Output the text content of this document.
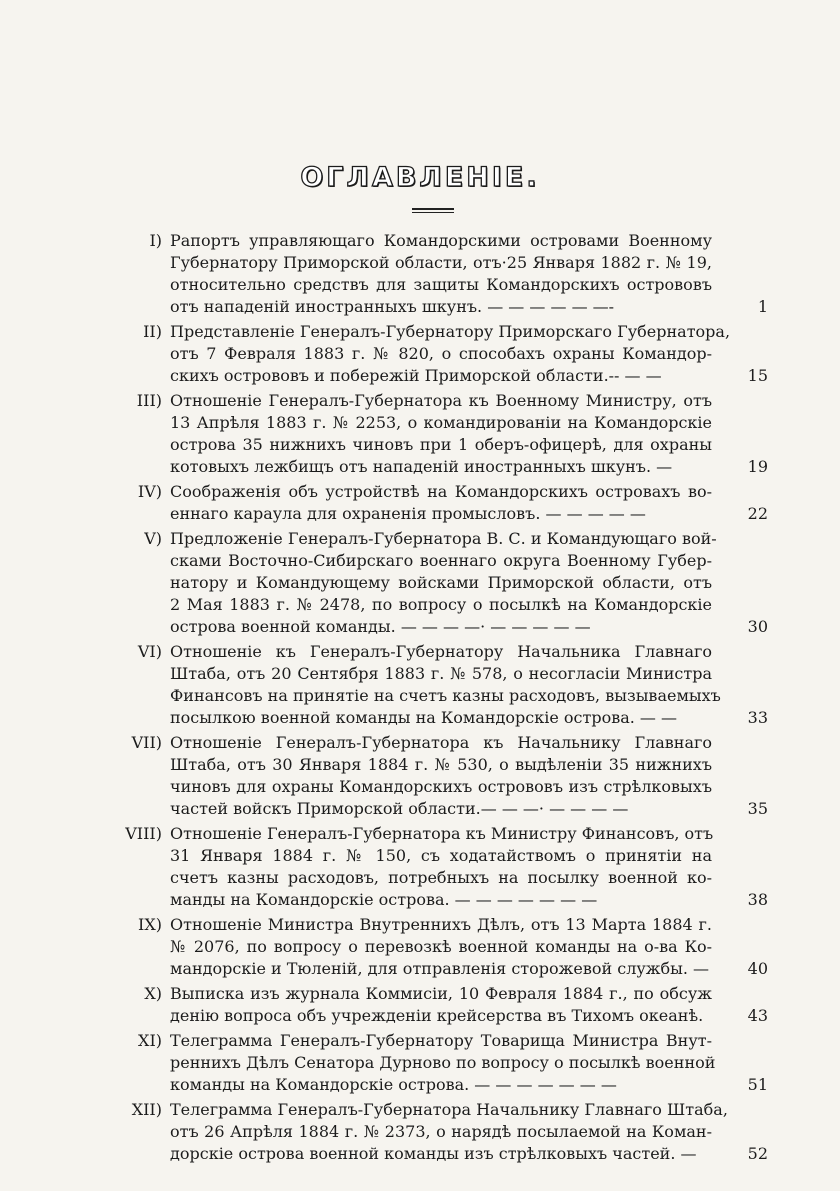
ОГЛАВЛЕНІЕ.
I) Рапортъ управляющаго Командорскими островами Военному
Губернатору Приморской области, отъ·25 Января 1882 г. № 19,
относительно средствъ для защиты Командорскихъ острововъ
отъ нападеній иностранныхъ шкунъ. — — — — — —-	1
II) Представленіе Генералъ-Губернатору Приморскаго Губернатора,
отъ 7 Февраля 1883 г. № 820, о способахъ охраны Командор-
скихъ острововъ и побережій Приморской области.-- — —	15
III) Отношеніе Генералъ-Губернатора къ Военному Министру, отъ
13 Апрѣля 1883 г. № 2253, о командированіи на Командорскіе
острова 35 нижнихъ чиновъ при 1 оберъ-офицерѣ, для охраны
котовыхъ лежбищъ отъ нападеній иностранныхъ шкунъ. —	19
IV) Соображенія объ устройствѣ на Командорскихъ островахъ во-
еннаго караула для охраненія промысловъ. — — — — —	22
V) Предложеніе Генералъ-Губернатора В. С. и Командующаго вой-
сками Восточно-Сибирскаго военнаго округа Военному Губер-
натору и Командующему войсками Приморской области, отъ
2 Мая 1883 г. № 2478, по вопросу о посылкѣ на Командорскіе
острова военной команды. — — — —· — — — — —	30
VI) Отношеніе къ Генералъ-Губернатору Начальника Главнаго
Штаба, отъ 20 Сентября 1883 г. № 578, о несогласіи Министра
Финансовъ на принятіе на счетъ казны расходовъ, вызываемыхъ
посылкою военной команды на Командорскіе острова. — —	33
VII) Отношеніе Генералъ-Губернатора къ Начальнику Главнаго
Штаба, отъ 30 Января 1884 г. № 530, о выдѣленіи 35 нижнихъ
чиновъ для охраны Командорскихъ острововъ изъ стрѣлковыхъ
частей войскъ Приморской области.— — —· — — — —	35
VIII) Отношеніе Генералъ-Губернатора къ Министру Финансовъ, отъ
31 Января 1884 г. № 150, съ ходатайствомъ о принятіи на
счетъ казны расходовъ, потребныхъ на посылку военной ко-
манды на Командорскіе острова. — — — — — — —	38
IX) Отношеніе Министра Внутреннихъ Дѣлъ, отъ 13 Марта 1884 г.
№ 2076, по вопросу о перевозкѣ военной команды на о-ва Ко-
мандорскіе и Тюленій, для отправленія сторожевой службы. — 40
X) Выписка изъ журнала Коммисіи, 10 Февраля 1884 г., по обсуж
денію вопроса объ учрежденіи крейсерства въ Тихомъ океанѣ.	43
XI) Телеграмма Генералъ-Губернатору Товарища Министра Внут-
реннихъ Дѣлъ Сенатора Дурново по вопросу о посылкѣ военной
команды на Командорскіе острова. — — — — — — —	51
XII) Телеграмма Генералъ-Губернатора Начальнику Главнаго Штаба,
отъ 26 Апрѣля 1884 г. № 2373, о нарядѣ посылаемой на Коман-
дорскіе острова военной команды изъ стрѣлковыхъ частей. —	52
